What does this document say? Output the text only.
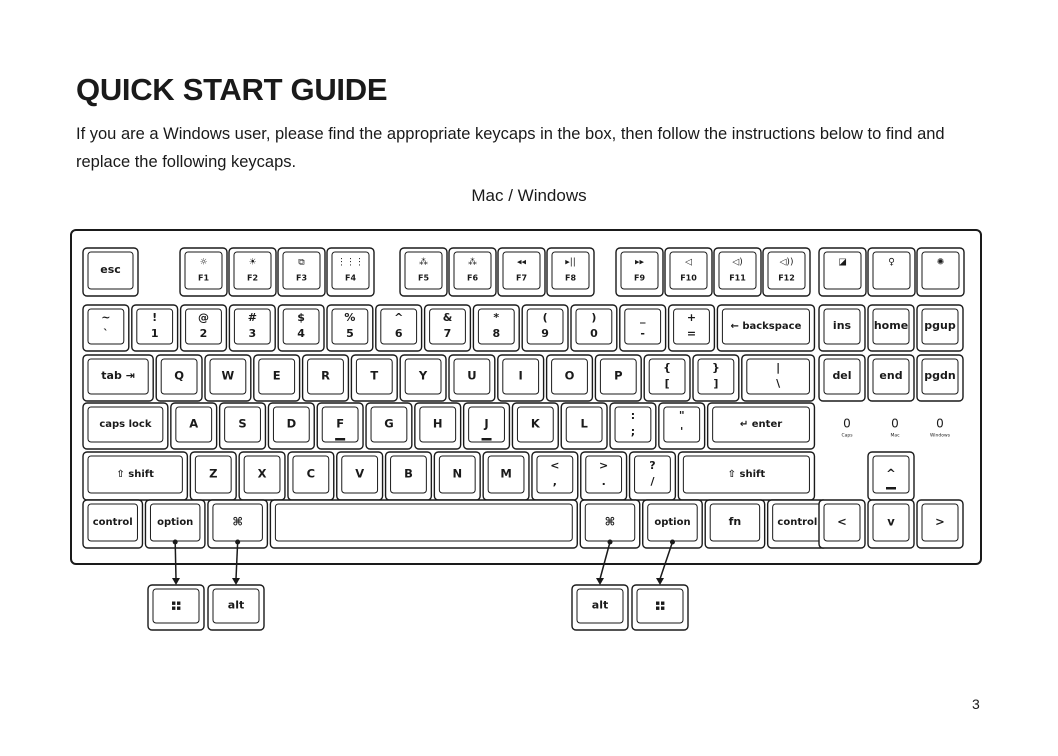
QUICK START GUIDE

If you are a Windows user, please find the appropriate keycaps in the box, then follow the instructions below to find and replace the following keycaps.

Mac / Windows
esc
☼
F1
☀
F2
⧉
F3
⋮⋮⋮
F4
⁂
F5
⁂
F6
◂◂
F7
▸||
F8
▸▸
F9
◁
F10
◁)
F11
◁))
F12
◪	♀	✺
~
`
!
1
@
2
#
3
$
4
%
5
^
6
&
7
*
8
(
9
)
0
_
-
+
=
← backspace	ins home pgup
tab ⇥	Q	W	E	R	T	Y	U	I	O	P
{
[
}
]
|
\
del	end pgdn
caps lock	A	S	D	F	G	H	J	K	L
:
;
"
'
↵ enter
⇧ shift	Z	X	C	V	B	N	M
<
,
>
.
?
/
⇧ shift	^
control option	⌘	⌘	option	fn	control <	v	>
0
Caps
0
Mac
0
Windows
alt	alt
3
